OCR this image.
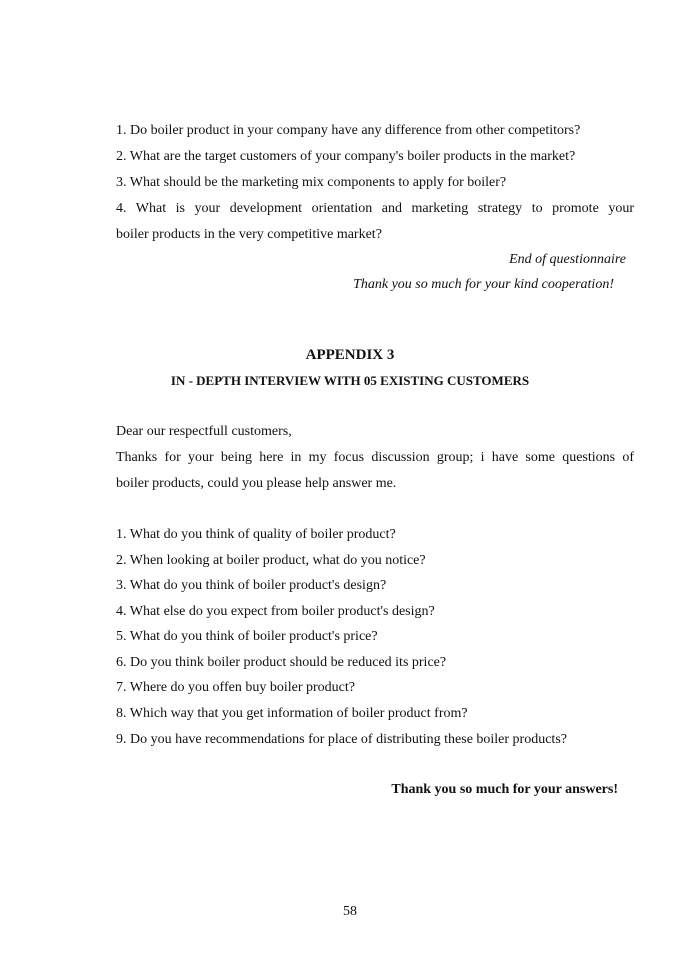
1. Do boiler product in your company have any difference from other competitors?
2. What are the target customers of your company's boiler products in the market?
3. What should be the marketing mix components to apply for boiler?
4. What is your development orientation and marketing strategy to promote your
boiler products in the very competitive market?
End of questionnaire
Thank you so much for your kind cooperation!
APPENDIX 3
IN - DEPTH INTERVIEW WITH 05 EXISTING CUSTOMERS
Dear our respectfull customers,
Thanks for your being here in my focus discussion group; i have some questions of
boiler products, could you please help answer me.
1. What do you think of quality of boiler product?
2. When looking at boiler product, what do you notice?
3. What do you think of boiler product's design?
4. What else do you expect from boiler product's design?
5. What do you think of boiler product's price?
6. Do you think boiler product should be reduced its price?
7. Where do you offen buy boiler product?
8. Which way that you get information of boiler product from?
9. Do you have recommendations for place of distributing these boiler products?
Thank you so much for your answers!
58
